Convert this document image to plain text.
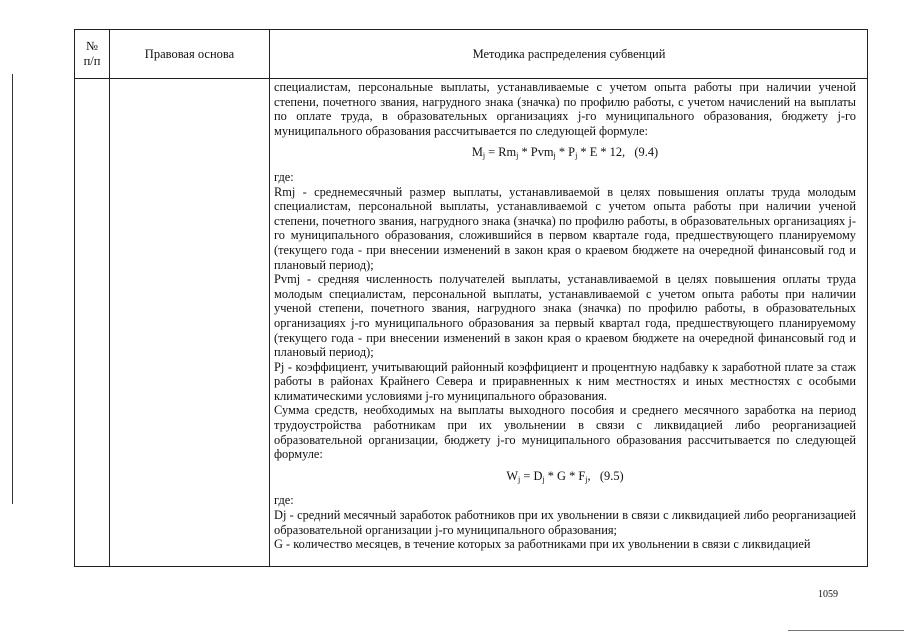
№
п/п
Правовая основа	Методика распределения субвенций

специалистам, персональные выплаты, устанавливаемые с учетом опыта работы при наличии ученой степени, почетного звания, нагрудного знака (значка) по профилю работы, с учетом начислений на выплаты по оплате труда, в образовательных организациях j-го муниципального образования, бюджету j-го муниципального образования рассчитывается по следующей формуле:

$M_j = Rm_j * Pvm_j * P_j * E * 12$,   (9.4)

где:

Rmj - среднемесячный размер выплаты, устанавливаемой в целях повышения оплаты труда молодым специалистам, персональной выплаты, устанавливаемой с учетом опыта работы при наличии ученой степени, почетного звания, нагрудного знака (значка) по профилю работы, в образовательных организациях j-го муниципального образования, сложившийся в первом квартале года, предшествующего планируемому (текущего года - при внесении изменений в закон края о краевом бюджете на очередной финансовый год и плановый период);

Pvmj - средняя численность получателей выплаты, устанавливаемой в целях повышения оплаты труда молодым специалистам, персональной выплаты, устанавливаемой с учетом опыта работы при наличии ученой степени, почетного звания, нагрудного знака (значка) по профилю работы, в образовательных организациях j-го муниципального образования за первый квартал года, предшествующего планируемому (текущего года - при внесении изменений в закон края о краевом бюджете на очередной финансовый год и плановый период);

Pj - коэффициент, учитывающий районный коэффициент и процентную надбавку к заработной плате за стаж работы в районах Крайнего Севера и приравненных к ним местностях и иных местностях с особыми климатическими условиями j-го муниципального образования.

Сумма средств, необходимых на выплаты выходного пособия и среднего месячного заработка на период трудоустройства работникам при их увольнении в связи с ликвидацией либо реорганизацией образовательной организации, бюджету j-го муниципального образования рассчитывается по следующей формуле:

$W_j = D_j * G * F_j$,   (9.5)

где:

Dj - средний месячный заработок работников при их увольнении в связи с ликвидацией либо реорганизацией образовательной организации j-го муниципального образования;

G - количество месяцев, в течение которых за работниками при их увольнении в связи с ликвидацией

1059
